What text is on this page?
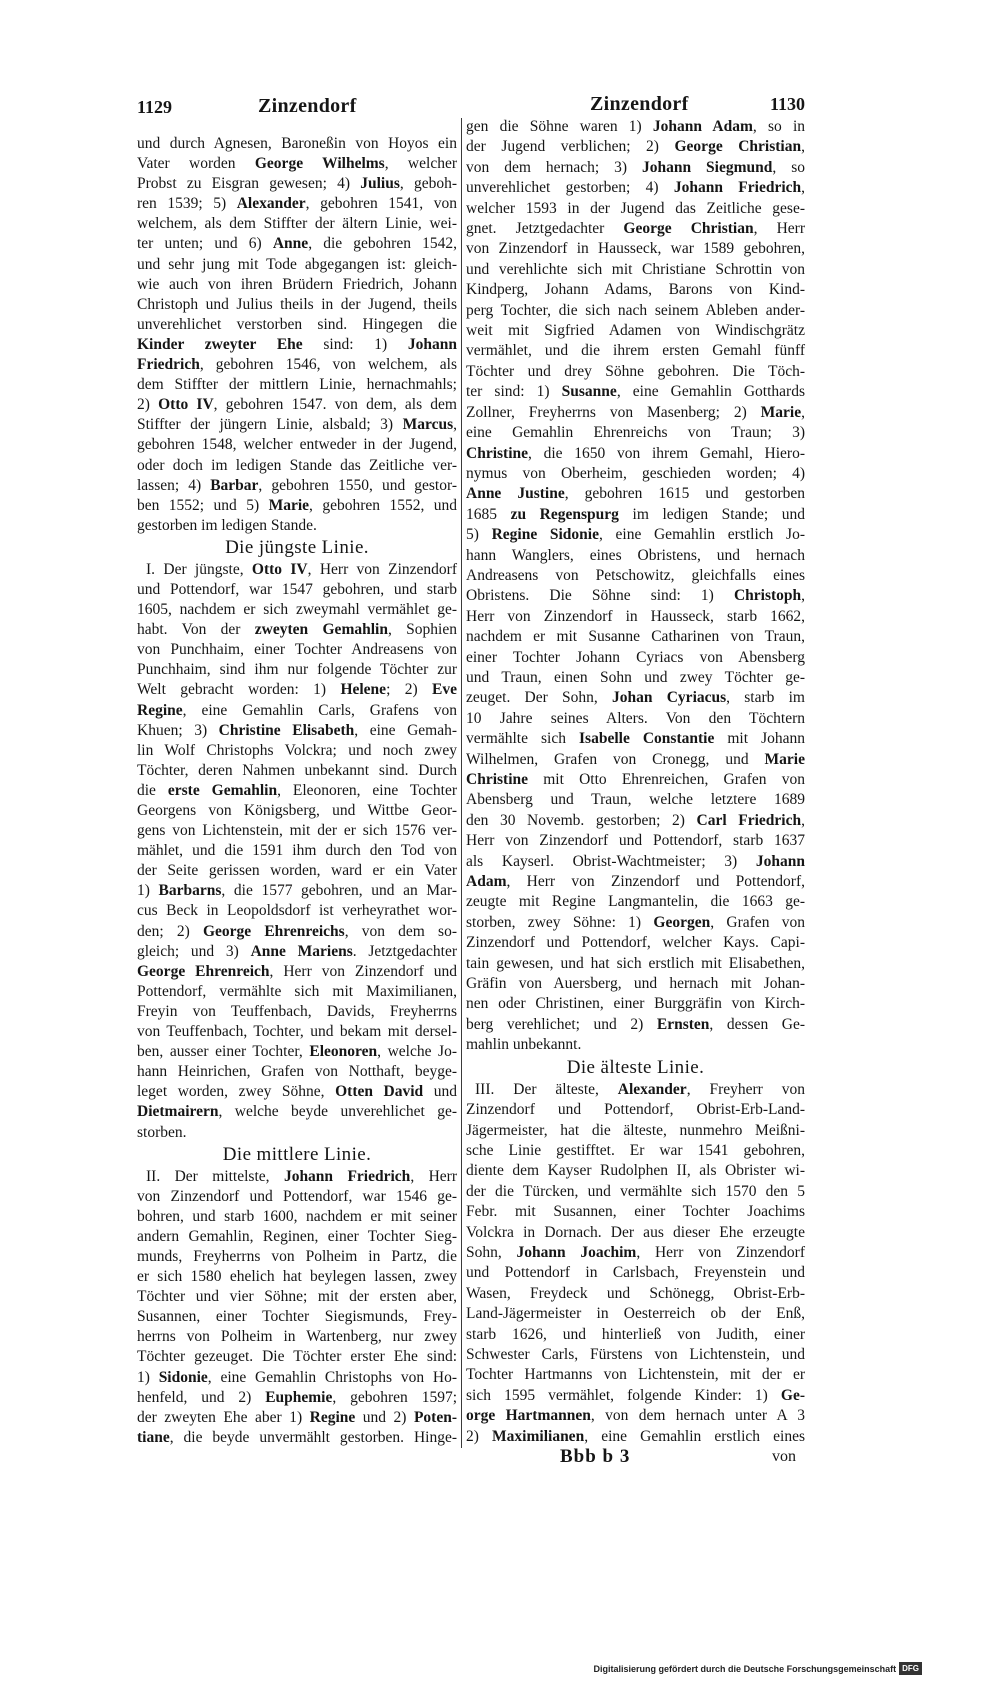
1129	Zinzendorf	Zinzendorf	1130
und durch Agnesen, Baroneßin von Hoyos ein
Vater worden George Wilhelms, welcher
Probst zu Eisgran gewesen; 4) Julius, geboh-
ren 1539; 5) Alexander, gebohren 1541, von
welchem, als dem Stiffter der ältern Linie, wei-
ter unten; und 6) Anne, die gebohren 1542,
und sehr jung mit Tode abgegangen ist: gleich-
wie auch von ihren Brüdern Friedrich, Johann
Christoph und Julius theils in der Jugend, theils
unverehlichet verstorben sind. Hingegen die
Kinder zweyter Ehe sind: 1) Johann
Friedrich, gebohren 1546, von welchem, als
dem Stiffter der mittlern Linie, hernachmahls;
2) Otto IV, gebohren 1547. von dem, als dem
Stiffter der jüngern Linie, alsbald; 3) Marcus,
gebohren 1548, welcher entweder in der Jugend,
oder doch im ledigen Stande das Zeitliche ver-
lassen; 4) Barbar, gebohren 1550, und gestor-
ben 1552; und 5) Marie, gebohren 1552, und
gestorben im ledigen Stande.
Die jüngste Linie.
I. Der jüngste, Otto IV, Herr von Zinzendorf
und Pottendorf, war 1547 gebohren, und starb
1605, nachdem er sich zweymahl vermählet ge-
habt. Von der zweyten Gemahlin, Sophien
von Punchhaim, einer Tochter Andreasens von
Punchhaim, sind ihm nur folgende Töchter zur
Welt gebracht worden: 1) Helene; 2) Eve
Regine, eine Gemahlin Carls, Grafens von
Khuen; 3) Christine Elisabeth, eine Gemah-
lin Wolf Christophs Volckra; und noch zwey
Töchter, deren Nahmen unbekannt sind. Durch
die erste Gemahlin, Eleonoren, eine Tochter
Georgens von Königsberg, und Wittbe Geor-
gens von Lichtenstein, mit der er sich 1576 ver-
mählet, und die 1591 ihm durch den Tod von
der Seite gerissen worden, ward er ein Vater
1) Barbarns, die 1577 gebohren, und an Mar-
cus Beck in Leopoldsdorf ist verheyrathet wor-
den; 2) George Ehrenreichs, von dem so-
gleich; und 3) Anne Mariens. Jetztgedachter
George Ehrenreich, Herr von Zinzendorf und
Pottendorf, vermählte sich mit Maximilianen,
Freyin von Teuffenbach, Davids, Freyherrns
von Teuffenbach, Tochter, und bekam mit dersel-
ben, ausser einer Tochter, Eleonoren, welche Jo-
hann Heinrichen, Grafen von Notthaft, beyge-
leget worden, zwey Söhne, Otten David und
Dietmairern, welche beyde unverehlichet ge-
storben.
Die mittlere Linie.
II. Der mittelste, Johann Friedrich, Herr
von Zinzendorf und Pottendorf, war 1546 ge-
bohren, und starb 1600, nachdem er mit seiner
andern Gemahlin, Reginen, einer Tochter Sieg-
munds, Freyherrns von Polheim in Partz, die
er sich 1580 ehelich hat beylegen lassen, zwey
Töchter und vier Söhne; mit der ersten aber,
Susannen, einer Tochter Siegismunds, Frey-
herrns von Polheim in Wartenberg, nur zwey
Töchter gezeuget. Die Töchter erster Ehe sind:
1) Sidonie, eine Gemahlin Christophs von Ho-
henfeld, und 2) Euphemie, gebohren 1597;
der zweyten Ehe aber 1) Regine und 2) Poten-
tiane, die beyde unvermählt gestorben. Hinge-
gen die Söhne waren 1) Johann Adam, so in
der Jugend verblichen; 2) George Christian,
von dem hernach; 3) Johann Siegmund, so
unverehlichet gestorben; 4) Johann Friedrich,
welcher 1593 in der Jugend das Zeitliche gese-
gnet. Jetztgedachter George Christian, Herr
von Zinzendorf in Hausseck, war 1589 gebohren,
und verehlichte sich mit Christiane Schrottin von
Kindperg, Johann Adams, Barons von Kind-
perg Tochter, die sich nach seinem Ableben ander-
weit mit Sigfried Adamen von Windischgrätz
vermählet, und die ihrem ersten Gemahl fünff
Töchter und drey Söhne gebohren. Die Töch-
ter sind: 1) Susanne, eine Gemahlin Gotthards
Zollner, Freyherrns von Masenberg; 2) Marie,
eine Gemahlin Ehrenreichs von Traun; 3)
Christine, die 1650 von ihrem Gemahl, Hiero-
nymus von Oberheim, geschieden worden; 4)
Anne Justine, gebohren 1615 und gestorben
1685 zu Regenspurg im ledigen Stande; und
5) Regine Sidonie, eine Gemahlin erstlich Jo-
hann Wanglers, eines Obristens, und hernach
Andreasens von Petschowitz, gleichfalls eines
Obristens. Die Söhne sind: 1) Christoph,
Herr von Zinzendorf in Hausseck, starb 1662,
nachdem er mit Susanne Catharinen von Traun,
einer Tochter Johann Cyriacs von Abensberg
und Traun, einen Sohn und zwey Töchter ge-
zeuget. Der Sohn, Johan Cyriacus, starb im
10 Jahre seines Alters. Von den Töchtern
vermählte sich Isabelle Constantie mit Johann
Wilhelmen, Grafen von Cronegg, und Marie
Christine mit Otto Ehrenreichen, Grafen von
Abensberg und Traun, welche letztere 1689
den 30 Novemb. gestorben; 2) Carl Friedrich,
Herr von Zinzendorf und Pottendorf, starb 1637
als Kayserl. Obrist-Wachtmeister; 3) Johann
Adam, Herr von Zinzendorf und Pottendorf,
zeugte mit Regine Langmantelin, die 1663 ge-
storben, zwey Söhne: 1) Georgen, Grafen von
Zinzendorf und Pottendorf, welcher Kays. Capi-
tain gewesen, und hat sich erstlich mit Elisabethen,
Gräfin von Auersberg, und hernach mit Johan-
nen oder Christinen, einer Burggräfin von Kirch-
berg verehlichet; und 2) Ernsten, dessen Ge-
mahlin unbekannt.
Die älteste Linie.
III. Der älteste, Alexander, Freyherr von
Zinzendorf und Pottendorf, Obrist-Erb-Land-
Jägermeister, hat die älteste, nunmehro Meißni-
sche Linie gestifftet. Er war 1541 gebohren,
diente dem Kayser Rudolphen II, als Obrister wi-
der die Türcken, und vermählte sich 1570 den 5
Febr. mit Susannen, einer Tochter Joachims
Volckra in Dornach. Der aus dieser Ehe erzeugte
Sohn, Johann Joachim, Herr von Zinzendorf
und Pottendorf in Carlsbach, Freyenstein und
Wasen, Freydeck und Schönegg, Obrist-Erb-
Land-Jägermeister in Oesterreich ob der Enß,
starb 1626, und hinterließ von Judith, einer
Schwester Carls, Fürstens von Lichtenstein, und
Tochter Hartmanns von Lichtenstein, mit der er
sich 1595 vermählet, folgende Kinder: 1) Ge-
orge Hartmannen, von dem hernach unter A 3
2) Maximilianen, eine Gemahlin erstlich eines
Bbb b 3	von
Digitalisierung gefördert durch die Deutsche Forschungsgemeinschaft DFG
